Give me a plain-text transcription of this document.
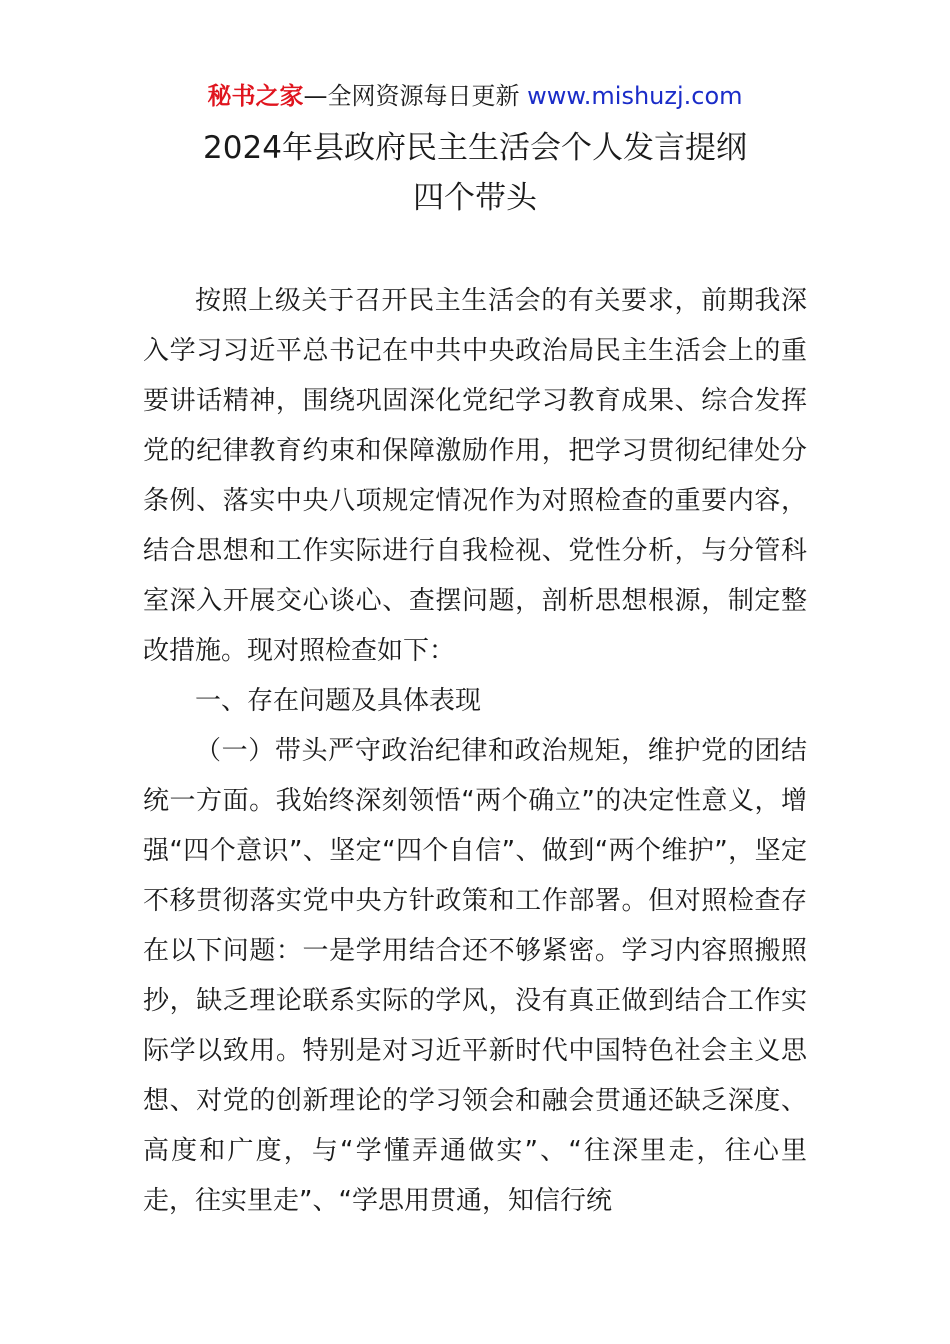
秘书之家—全网资源每日更新 www.mishuzj.com
2024年县政府民主生活会个人发言提纲
四个带头

按照上级关于召开民主生活会的有关要求，前期我深入学习习近平总书记在中共中央政治局民主生活会上的重要讲话精神，围绕巩固深化党纪学习教育成果、综合发挥党的纪律教育约束和保障激励作用，把学习贯彻纪律处分条例、落实中央八项规定情况作为对照检查的重要内容，结合思想和工作实际进行自我检视、党性分析，与分管科室深入开展交心谈心、查摆问题，剖析思想根源，制定整改措施。现对照检查如下：

一、存在问题及具体表现

（一）带头严守政治纪律和政治规矩，维护党的团结统一方面。我始终深刻领悟“两个确立”的决定性意义，增强“四个意识”、坚定“四个自信”、做到“两个维护”，坚定不移贯彻落实党中央方针政策和工作部署。但对照检查存在以下问题：一是学用结合还不够紧密。学习内容照搬照抄，缺乏理论联系实际的学风，没有真正做到结合工作实际学以致用。特别是对习近平新时代中国特色社会主义思想、对党的创新理论的学习领会和融会贯通还缺乏深度、高度和广度，与“学懂弄通做实”、“往深里走，往心里走，往实里走”、“学思用贯通，知信行统
